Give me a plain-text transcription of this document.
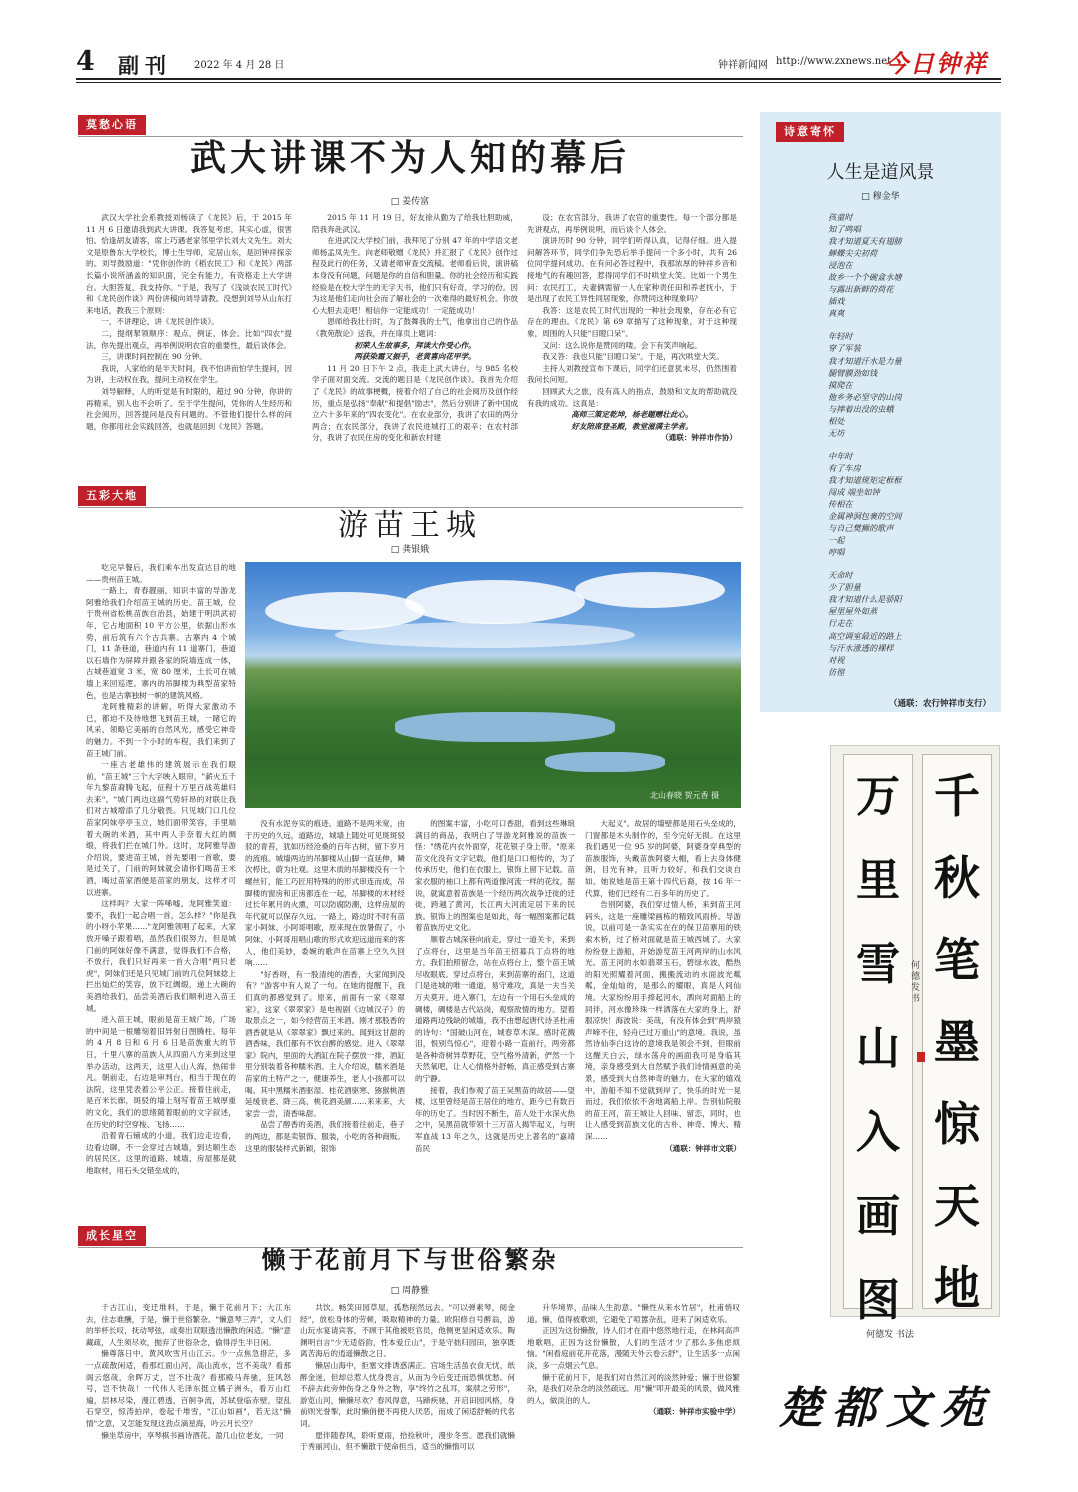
4 副刊 2022 年 4 月 28 日	钟祥新闻网 http://www.zxnews.net
今日钟祥
莫愁心语
武大讲课不为人知的幕后
□ 姜传富

武汉大学社会系教授刘杨读了《龙民》后，于 2015 年 11 月 6 日邀请我到武大讲课。我答复考虑，其实心虚，很害怕。恰逢胡友请客，席上巧遇老家邻里学长刘大文先生。刘大文是原鲁东大学校长，博士生导师，定居山东，是回钟祥探亲的。刘导鼓励道："凭你创作的《稻农民工》和《龙民》两部长篇小说所涵盖的知识面，完全有能力，有资格走上大学讲台。大胆答复，我支持你。"于是，我写了《浅谈农民工时代》和《龙民创作谈》两份讲稿向刘导请教。没想到刘导从山东打来电话，教我三个原则：

一，不讲理论，讲《龙民创作谈》。

二，提纲挈领顺序：观点，例证，体会。比如"四农"提法，你先提出观点，再举例说明农官的重要性，最后谈体会。

三，讲课时间控制在 90 分钟。

我说，人家给的是半天时间，我不怕讲而怕学生提问，因为讲，主动权在我，提问主动权在学生。

刘导解释，人的听觉是有时限的，超过 90 分钟，你讲的再精采，别人也不会听了。至于学生提问，凭你的人生经历和社会阅历，回答提问是没有问题的。不管他们提什么样的问题，你都用社会实践回答，也就是回到《龙民》答题。

2015 年 11 月 19 日，好友徐从勤为了给我壮胆助威，陪我奔赴武汉。

在进武汉大学校门前，我拜见了分别 47 年的中学语文老师杨孟凤先生。向老师敬赠《龙民》并汇报了《龙民》创作过程及此行的任务，又请老师审查交流稿。老师看后说，演讲稿本身没有问题，问题是你的自信和胆量。你的社会经历和实践经验是在校大学生的无字天书，他们只有好奇，学习的份。因为这是他们走向社会而了解社会的一次难得的最好机会。你放心大胆去走吧！相信你一定能成功！一定能成功！

恩师给我壮行时，为了鼓舞我的士气，他拿出自己的作品《教苑散论》送我，并在扉页上题词：

初荣人生故事多，拜读大作受心作。

两获染霜又振手，老黄喜向花甲学。

11 月 20 日下午 2 点，我走上武大讲台，与 985 名校学子面对面交流。交流的题目是《龙民创作谈》。我首先介绍了《龙民》的故事梗概，接着介绍了自己的社会阅历及创作经历，重点是弘扬"奉献"和提倡"励志"，然后分别讲了新中国成立六十多年来的"四农变化"。在农业部分，我讲了农田的两分两合；在农民部分，我讲了农民进城打工的艰辛；在农村部分，我讲了农民住房的变化和新农村建

设；在农官部分，我讲了农官的重要性。每一个部分都是先讲观点，再举例说明，而后谈个人体会。

演讲历时 90 分钟，同学们听得认真，记得仔细。进入提问解答环节，同学们争先恐后举手提问一个多小时，共有 26 位同学提问成功。在有问必答过程中，我那浓厚的钟祥乡音和接地气的有趣回答，惹得同学们不时哄堂大笑。比如一个男生问：农民打工，夫妻俩需留一人在家种责任田和养老抚小，于是出现了农民工异性同居现象，你赞同这种现象吗？

我答：这是农民工时代出现的一种社会现象，存在必有它存在的理由。《龙民》第 69 章描写了这种现象，对于这种现象，周围的人只能"目瞪口呆"。

又问：这么说你是赞同的喽。会下有笑声响起。

我又答：我也只能"目瞪口呆"。于是，再次哄堂大笑。

主持人刘教授宣布下课后，同学们还意犹未尽，仍然围着我问长问短。

回顾武大之旅，没有高人的指点，鼓励和文友的帮助就没有我的成功。这真是：

高师三策定乾坤，杨老题赠壮此心。

好友陪席登圣殿，教堂滋满主学者。

（通联：钟祥市作协）

五彩大地
游苗王城
□ 龚银娥

吃完早餐后，我们乘车出发直达目的地——贵州苗王城。

一路上，青春靓丽，知识丰富的导游龙阿雅给我们介绍苗王城的历史。苗王城，位于贵州省松桃苗族自治县，始建于明洪武初年，它占地面积 10 平方公里，依据山形水势，前后筑有六个古兵寨。古寨内 4 个城门，11 条巷道，巷道内有 11 道寨门，巷道以石墙作为屏障并跟各家的院墙连成一体，古城巷道宽 3 米，宽 80 厘米，土长可在城墙上来回巡逻。寨内的吊脚楼为典型苗家特色，也是古寨独树一帜的建筑风格。

龙阿雅精彩的讲解，听得大家激动不已，都迫不及待地想飞到苗王城，一睹它的风采，领略它美丽的自然风光，感受它神奇的魅力。不到一个小时的车程，我们来到了苗王城门前。

一座古老雄伟的建筑展示在我们眼前，"苗王城"三个大字映入眼帘，"薪火五千年九黎苗裔腾飞起，征程十万里百战英雄归去来"。"城门两边这副气势轩昂的对联让我们对古城增添了几分敬畏。只见城门口几位苗家阿妹亭亭玉立，她们面带笑容，手里端着大碗的米酒，其中两人手奈着大红的绸缎，将我们拦在城门外。这时，龙阿雅导游介绍说，要进苗王城，首先要唱一首歌，要是过关了，门前的阿妹就会请你们喝苗王米酒，喝过苗家酒便是苗家的朋友，这样才可以进寨。

这样吗？大家一阵唏嘘，龙阿雅笑道：要不，我们一起合唱一首，怎么样？"你是我的小呀小苹果……"龙阿雅领唱了起来，大家放开嗓子跟着唱，虽然我们很努力，但是城门前的阿妹好像不满意，觉得我们不合格，不放行，我们只好再来一首大合唱"两只老虎"，阿妹们还是只见城门前的几位阿妹捻上拦出灿烂的笑容，放下红绸缎，递上大碗的美酒给我们，品尝美酒后我们顺利进入苗王城。

进入苗王城，眼前是苗王城广场，广场的中间是一根雕刻着旧异射日图腾柱。每年的 4 月 8 日和 6 月 6 日是苗族重大的节日，十里八寨的苗族人从四面八方来到这里举办活动，这两天，这里人山人海，热闹非凡。朝前走，右边是审判台，相当于现在的法院，这里凭表着公平公正。接着往前走，是百米长廊，斑驳的墙上刻写着苗王城厚重的文化，我们的思绪随着眼前的文字叙述，在历史的时空穿梭、飞扬……

沿着青石铺成的小道，我们边走边看，边看边聊，不一会穿过古城墙，到达顺生态的居民区。这里的道路、城墙、房屋都是就地取材，用石头交错垒成的，

北山春晓 贺元香 摄

没有水泥夯实的痕迹。道路不是两米宽，由于历史的久远，道路边，城墙上随处可见斑斑驳驳的青苔，犹如历经沧桑的百年古树，留下岁月的流痕。城墙两边的吊脚楼从山脚一直延伸，鳞次栉比，蔚为壮观。这里木质的吊脚楼没有一个螺丝钉，能工巧匠用特殊的的形式串连而成，吊脚楼的窗房和正房都连在一起，吊脚楼的木材经过长年累月的火熏，可以防腐防潮，这样房屋的年代就可以保存久远。一路上，路边时不时有苗家小阿妹、小阿哥唱歌，原来现在放暑假了，小阿妹、小阿哥用唱山歌的形式欢迎远道而来的客人，他们美妙，委婉的歌声在苗寨上空久久回响……

"好香呀，有一股清纯的酒香，大家闻到没有？"游客中有人说了一句。在她的提醒下，我们真的都感觉到了。原来，前面有一家《翠翠家》，这家《翠翠家》是电视剧《边城汉子》的取景点之一，如今经营苗王米酒。刚才那股香的酒香就是从《翠翠家》飘过来的。闻到这甘甜的酒香味，我们都有不饮自醉的感觉。进入《翠翠家》院内，里面的大酒缸在院子摆放一排，酒缸里分别装着各种糯米酒。主人介绍说，糯米酒是苗家的土特产之一，健康养生，老人小孩都可以喝。其中黑糯米酒驱湿、桂花酒驱寒、猕猴桃酒延缓衰老、降三高，桃花酒美颜……来来来，大家尝一尝，清香味甜。

品尝了醇香的美酒，我们接着往前走，巷子的两边，都是卖银饰、服装，小吃的各种商贩。这里的服装样式新颖，银饰

的图案丰富，小吃可口香甜，看到这些琳琅满目的商品，我明白了导游龙阿雅说的苗族一怪："绣花内衣外面穿，花花银子身上带。"原来苗文化没有文字记载，他们是口口相传的，为了传承历史，他们在衣服上，银饰上留下记载。苗家衣服的袖口上都有两道像河流一样的花纹，据说，就寓意着苗族是一个经历两次战争迁徙的迁徙，跨越了黄河，长江两大河流定居下来的民族。银饰上的图案也是如此，每一幅图案都记载着苗族历史文化。

顺着古城深巷向前走，穿过一道关卡，来到了点将台，这里是当年苗王招募兵丁点将的地方，我们拍照留念，站在点将台上，整个苗王城尽收眼底。穿过点将台，来到苗寨的南门，这道门是进城的唯一通道，易守难攻，真是一夫当关万夫莫开。进入寨门，左边有一个用石头垒成的碉楼，碉楼是古代站岗，观察敌情的地方。望着道路两边残缺的城墙，我不由想起唐代诗圣杜甫的诗句："国破山河在，城春草木深。感时花溅泪，恨别鸟惊心"，迎着小路一直前行，两旁都是各种奇树异草野花，空气格外清新，俨然一个天然氧吧，让人心情格外舒畅，真正感受到古寨的宁静。

接着，我们参观了苗王吴黑苗的故居——望楼，这里曾经是苗王居住的地方，距今已有数百年的历史了。当时因不断生，苗人处于水深火热之中，吴黑苗就带领十三万苗人揭竿起义，与明军血战 13 年之久，这就是历史上著名的"嘉靖苗民

大起义"。故居的墙壁都是用石头垒成的，门窗都是木头制作的，至今完好无损。在这里我们遇见一位 95 岁的阿婆，阿婆身穿典型的苗族服饰，头戴苗族阿婆大帽，看上去身体健朗，目光有神，且听力较好，和我们交谈自如。她说她是苗王第十四代后裔，按 16 年一代算，他们已经有二百多年的历史了。

告别阿婆，我们穿过情人桥，来到苗王河码头，这是一座雕梁画栋的精致风雨桥。导游说，以前可是一条实实在在的保卫苗寨用的铁索木桥，过了桥对面就是苗王城西城了。大家纷纷登上游船，开始游览苗王河两岸的山水风光。苗王河的水如翡翠玉石，碧绿水波，酷热的阳光照耀着河面，搬搬流动的水面波光粼粼，金灿灿的，是那么的耀眼，真是人间仙境。大家纷纷用手捧起河水，洒向对面船上的同伴，河水像珍珠一样洒落在大家的身上，舒服凉快！海波说：美哉，有没有体会到"两岸猿声啼不住，轻舟已过万重山"的意境。我说，虽然诗仙李白这诗的意境我是领会不到，但眼前这醒天白云，绿水荡舟的画面我可是身临其境，亲身感受到大自然赋予我们诗情画意的美景，感受到大自然神奇的魅力。在大家的嬉戏中，游船不知不觉就到岸了，快乐的时光一晃而过，我们依依不舍地离船上岸。告别仙院般的苗王河，苗王城让人回味、留恋，同时，也让人感受到苗族文化的古朴、神奇、博大、精深……

（通联：钟祥市文联）

成长星空
懒于花前月下与世俗繁杂
□ 周静雅

千古江山，变迁堆料，于是，懒于花前月下；大江东去，往志谁酬，于是，懒于世俗繁杂。"懒意琴三弄"，文人们的举杯长叹，抚动琴弦，或奏出双眼透出懒散的闲适。"懒"意藏疏，人生须尽欢，抛弃了世俗杂念，偷得浮生半日闲。

懒尊落日中，黄风吹雪月山江云。少一点焦急措茫，多一点疏散闲适，看那红面山河，高山流水，岂不美哉？看那阁云悠哉，余晖万丈，岂不壮哉？看那殿马奔驰，狂风怒号，岂不快哉！一代伟人毛泽东挺立橘子洲头，看万山红遍，层林尽染，漫江碧透，百舸争流，苏轼登临赤壁，望乱石穿空，惊涛拍岸，卷起千堆雪，"江山如画"，若无这"懒情"之意，又怎能发现这劲点滴星海，吟云月长空？

懒坐草房中，享琴棋书画诗酒花。盈几山位老友，一同

共饮。畅笑田园草屋，孤愁削然远去。"可以弹素琴，阅金经"，放松身体的劳顿，吸取精神的力量。欧阳修自号醉翁，游山玩水宴请宾客，不顾于其他被贬官员，他侧更显闲适欢乐。陶渊明自言"少无适俗韵，性本爱丘山"，于是守拙归园田，独享既离苦海后的逍遥懒散之日。

懒居山海中，拒塞文排诱惑满正。宫场生活虽衣食无忧，纸醉金迷，但却总惹人忧身畏言，从而为今后变迁而恐惧忧愁。何不辞去此旁伸伤身之身外之物，享"终竹之乱耳，案牍之劳形"，游览山河，懒懒尽欢？春风得意，马蹄疾驰，开启田园风格，身前则光誉掣，此时懒俏便不再使人厌恶，而成了闲适舒畅的代名词。

愿伴随春风，聆听夏雨，拾捡秋叶，漫步冬雪。愿我们就懒于秀丽河山，但不懒散于使命担当，适当的懒惰可以

升华境界，品味人生韵意。"懒性从来水竹居"，杜甫悄叹道。懒，值得被歌颂，它避免了喧嚣杂乱，迎来了闲适欢乐。

正因为这份懒散，诗人们才在雨中悠然地行走，在林间高声地歌唱，正因为这份懒散，人们的生活才少了那么多焦虑烦恼。"闲看庭前花开花落，漫随天外云卷云舒"，让生活多一点闲淡，多一点烟云气息。

懒于花前月下，是我们对自然江河的淡然钟爱；懒于世俗繁杂，是我们对杂念的淡然疏远。用"懒"叩开最美的风景，做风雅的人，做淡泊的人。

（通联：钟祥市实验中学）

诗意寄怀
人生是道风景
□ 穆金华
孩童时
知了鸣唱
我才知道夏天有翅膀
蝉蝶尖尖初荷
浸泡在
故乡一个个碗盒水塘
与露出新鲜的荷花
插戏
真爽
年轻时
穿了军装
我才知道汗水是力量
腿臂膜劲如钱
摸爬在
他乡务必坚守的山岗
与摔着出没的虫蛾
相处
无坊
中年时
有了车房
我才知道规矩定框框
闯成 端坐如钟
传相在
金属神洞包裹的空间
与自己樊狮的歌声
一起
哼唱
天命时
少了胆量
我才知道什么是骄阳
屋里屋外如蒸
行走在
高空调室最近的路上
与汗水涨透的裸样
对视
彷徨
（通联：农行钟祥市支行）
万
里
雪
山
入
画
图
千
秋
笔
墨
惊
天
地
何德发书
何德发 书法
楚都文苑
